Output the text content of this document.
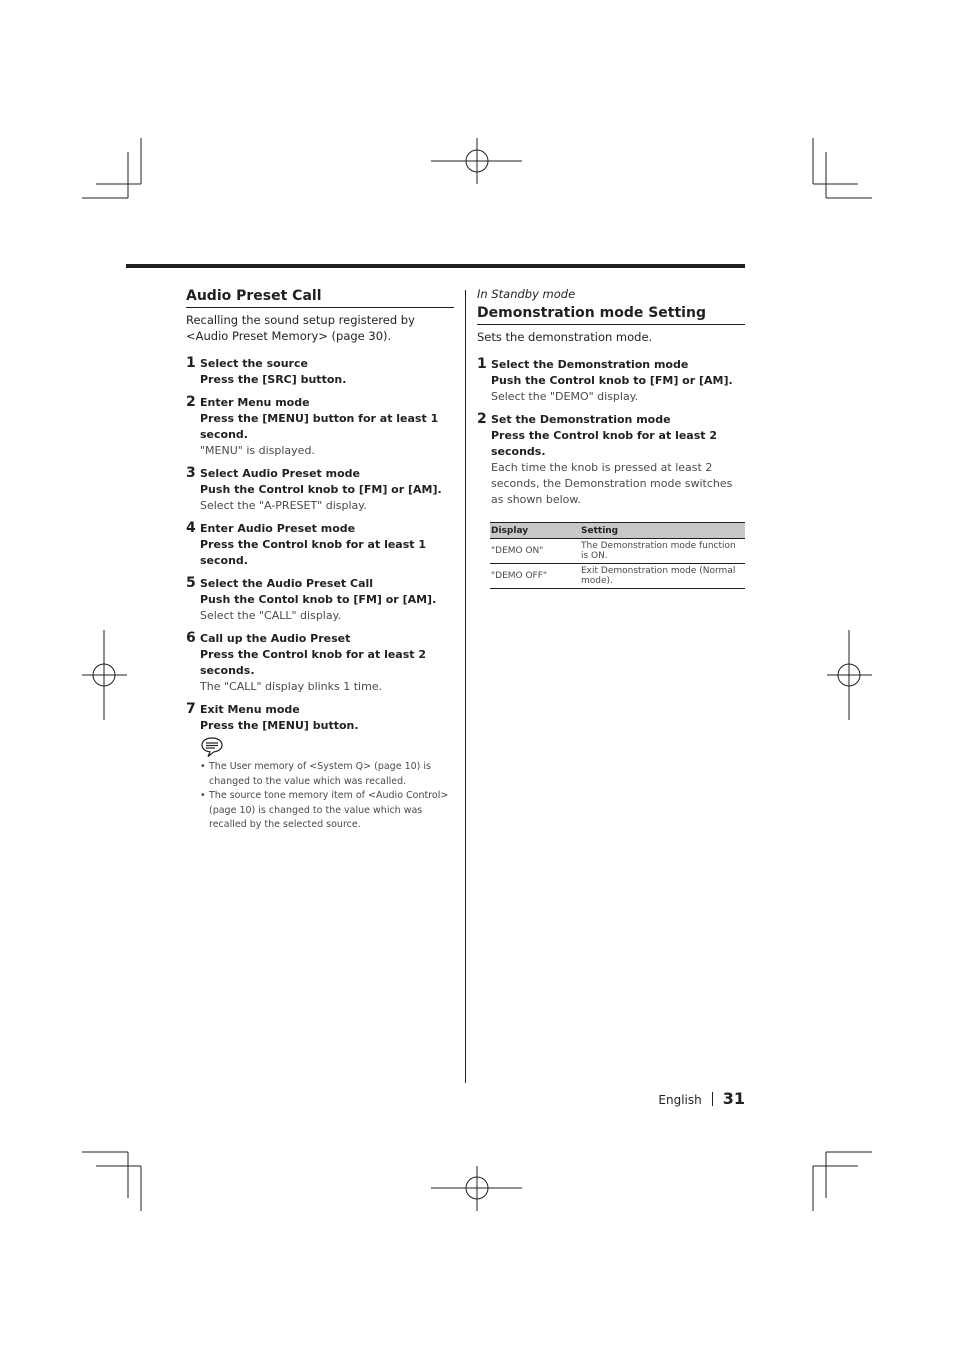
Audio Preset Call
Recalling the sound setup registered by <Audio Preset Memory> (page 30).
1 Select the source
Press the [SRC] button.
2 Enter Menu mode
Press the [MENU] button for at least 1 second.
"MENU" is displayed.
3 Select Audio Preset mode
Push the Control knob to [FM] or [AM].
Select the "A-PRESET" display.
4 Enter Audio Preset mode
Press the Control knob for at least 1 second.
5 Select the Audio Preset Call
Push the Contol knob to [FM] or [AM].
Select the "CALL" display.
6 Call up the Audio Preset
Press the Control knob for at least 2 seconds.
The "CALL" display blinks 1 time.
7 Exit Menu mode
Press the [MENU] button.
• The User memory of <System Q> (page 10) is changed to the value which was recalled.
• The source tone memory item of <Audio Control> (page 10) is changed to the value which was recalled by the selected source.
In Standby mode
Demonstration mode Setting
Sets the demonstration mode.
1 Select the Demonstration mode
Push the Control knob to [FM] or [AM].
Select the "DEMO" display.
2 Set the Demonstration mode
Press the Control knob for at least 2 seconds.
Each time the knob is pressed at least 2 seconds, the Demonstration mode switches as shown below.
Display	Setting
"DEMO ON"	The Demonstration mode function is ON.
"DEMO OFF"	Exit Demonstration mode (Normal mode).
English 31
